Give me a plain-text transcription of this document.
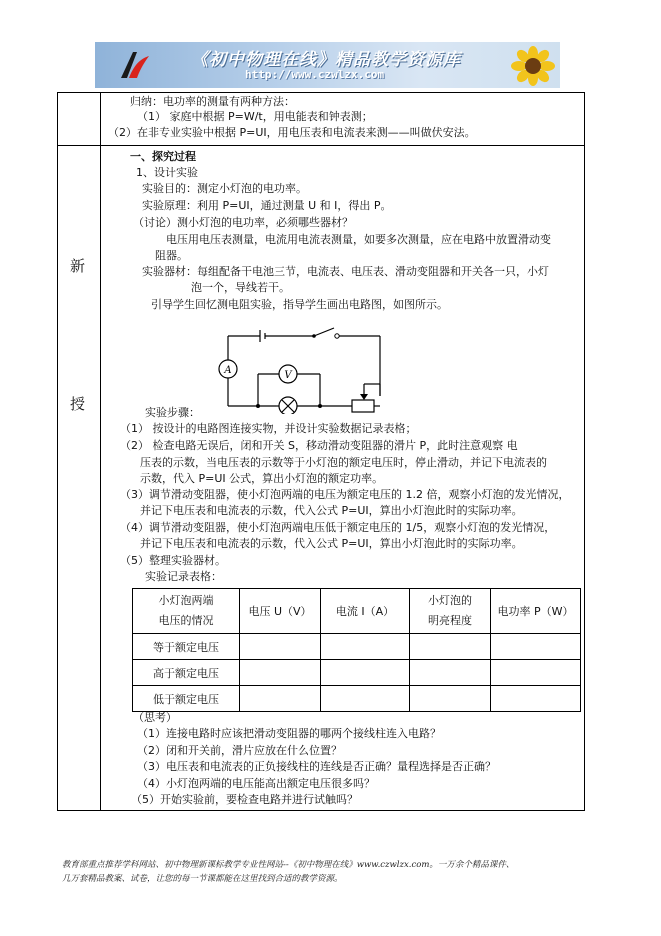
《初中物理在线》精品教学资源库
http://www.czwlzx.com
新
授
归纳：电功率的测量有两种方法：
（1） 家庭中根据 P=W/t，用电能表和钟表测；
（2）在非专业实验中根据 P=UI，用电压表和电流表来测——叫做伏安法。
一、探究过程
1、设计实验
实验目的：测定小灯泡的电功率。
实验原理：利用 P=UI，通过测量 U 和 I，得出 P。
（讨论）测小灯泡的电功率，必须哪些器材？
电压用电压表测量，电流用电流表测量，如要多次测量，应在电路中放置滑动变
阻器。
实验器材：每组配备干电池三节，电流表、电压表、滑动变阻器和开关各一只，小灯
泡一个，导线若干。
引导学生回忆测电阻实验，指导学生画出电路图，如图所示。
A	V
实验步骤：
（1） 按设计的电路图连接实物，并设计实验数据记录表格；
（2） 检查电路无误后，闭和开关 S，移动滑动变阻器的滑片 P，此时注意观察 电
压表的示数，当电压表的示数等于小灯泡的额定电压时，停止滑动，并记下电流表的
示数，代入 P=UI 公式，算出小灯泡的额定功率。
（3）调节滑动变阻器，使小灯泡两端的电压为额定电压的 1.2 倍，观察小灯泡的发光情况，
并记下电压表和电流表的示数，代入公式 P=UI，算出小灯泡此时的实际功率。
（4）调节滑动变阻器，使小灯泡两端电压低于额定电压的 1/5，观察小灯泡的发光情况，
并记下电压表和电流表的示数，代入公式 P=UI，算出小灯泡此时的实际功率。
（5）整理实验器材。
实验记录表格：
小灯泡两端
电压的情况	电压 U（V）	电流 I（A）	小灯泡的
明亮程度	电功率 P（W）
等于额定电压				
高于额定电压				
低于额定电压				
（思考）
（1）连接电路时应该把滑动变阻器的哪两个接线柱连入电路？
（2）闭和开关前，滑片应放在什么位置？
（3）电压表和电流表的正负接线柱的连线是否正确？量程选择是否正确？
（4）小灯泡两端的电压能高出额定电压很多吗？
（5）开始实验前，要检查电路并进行试触吗？
教育部重点推荐学科网站、初中物理新课标教学专业性网站--《初中物理在线》www.czwlzx.com。一万余个精品课件、
几万套精品教案、试卷，让您的每一节课都能在这里找到合适的教学资源。
